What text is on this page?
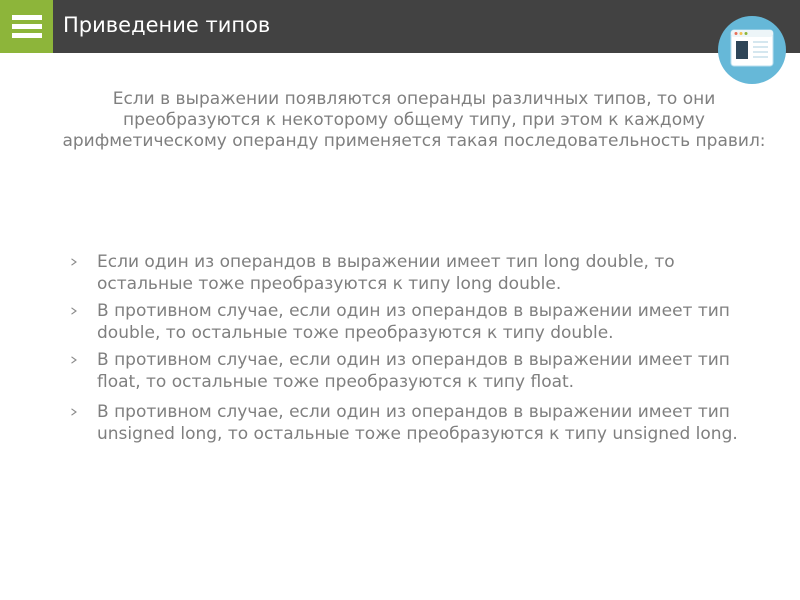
Приведение типов
Если в выражении появляются операнды различных типов, то они преобразуются к некоторому общему типу, при этом к каждому арифметическому операнду применяется такая последовательность правил:
Если один из операндов в выражении имеет тип long double, то остальные тоже преобразуются к типу long double.
В противном случае, если один из операндов в выражении имеет тип double, то остальные тоже преобразуются к типу double.
В противном случае, если один из операндов в выражении имеет тип float, то остальные тоже преобразуются к типу float.
В противном случае, если один из операндов в выражении имеет тип unsigned long, то остальные тоже преобразуются к типу unsigned long.
